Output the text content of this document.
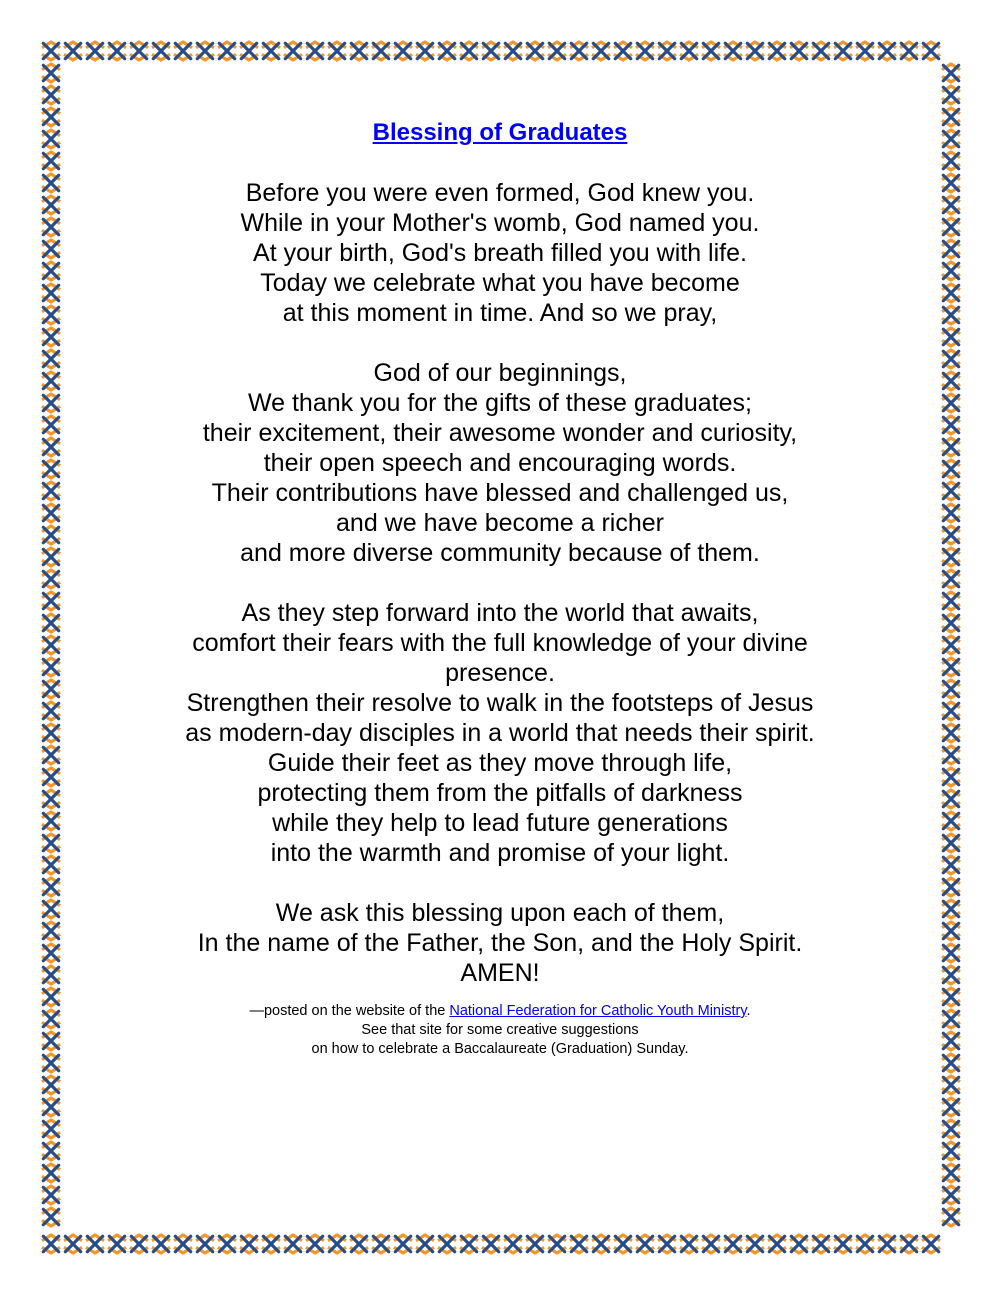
Blessing of Graduates
Before you were even formed, God knew you.
While in your Mother's womb, God named you.
At your birth, God's breath filled you with life.
Today we celebrate what you have become
at this moment in time. And so we pray,
God of our beginnings,
We thank you for the gifts of these graduates;
their excitement, their awesome wonder and curiosity,
their open speech and encouraging words.
Their contributions have blessed and challenged us,
and we have become a richer
and more diverse community because of them.
As they step forward into the world that awaits,
comfort their fears with the full knowledge of your divine
presence.
Strengthen their resolve to walk in the footsteps of Jesus
as modern-day disciples in a world that needs their spirit.
Guide their feet as they move through life,
protecting them from the pitfalls of darkness
while they help to lead future generations
into the warmth and promise of your light.
We ask this blessing upon each of them,
In the name of the Father, the Son, and the Holy Spirit.
AMEN!
—posted on the website of the National Federation for Catholic Youth Ministry.
See that site for some creative suggestions
on how to celebrate a Baccalaureate (Graduation) Sunday.
